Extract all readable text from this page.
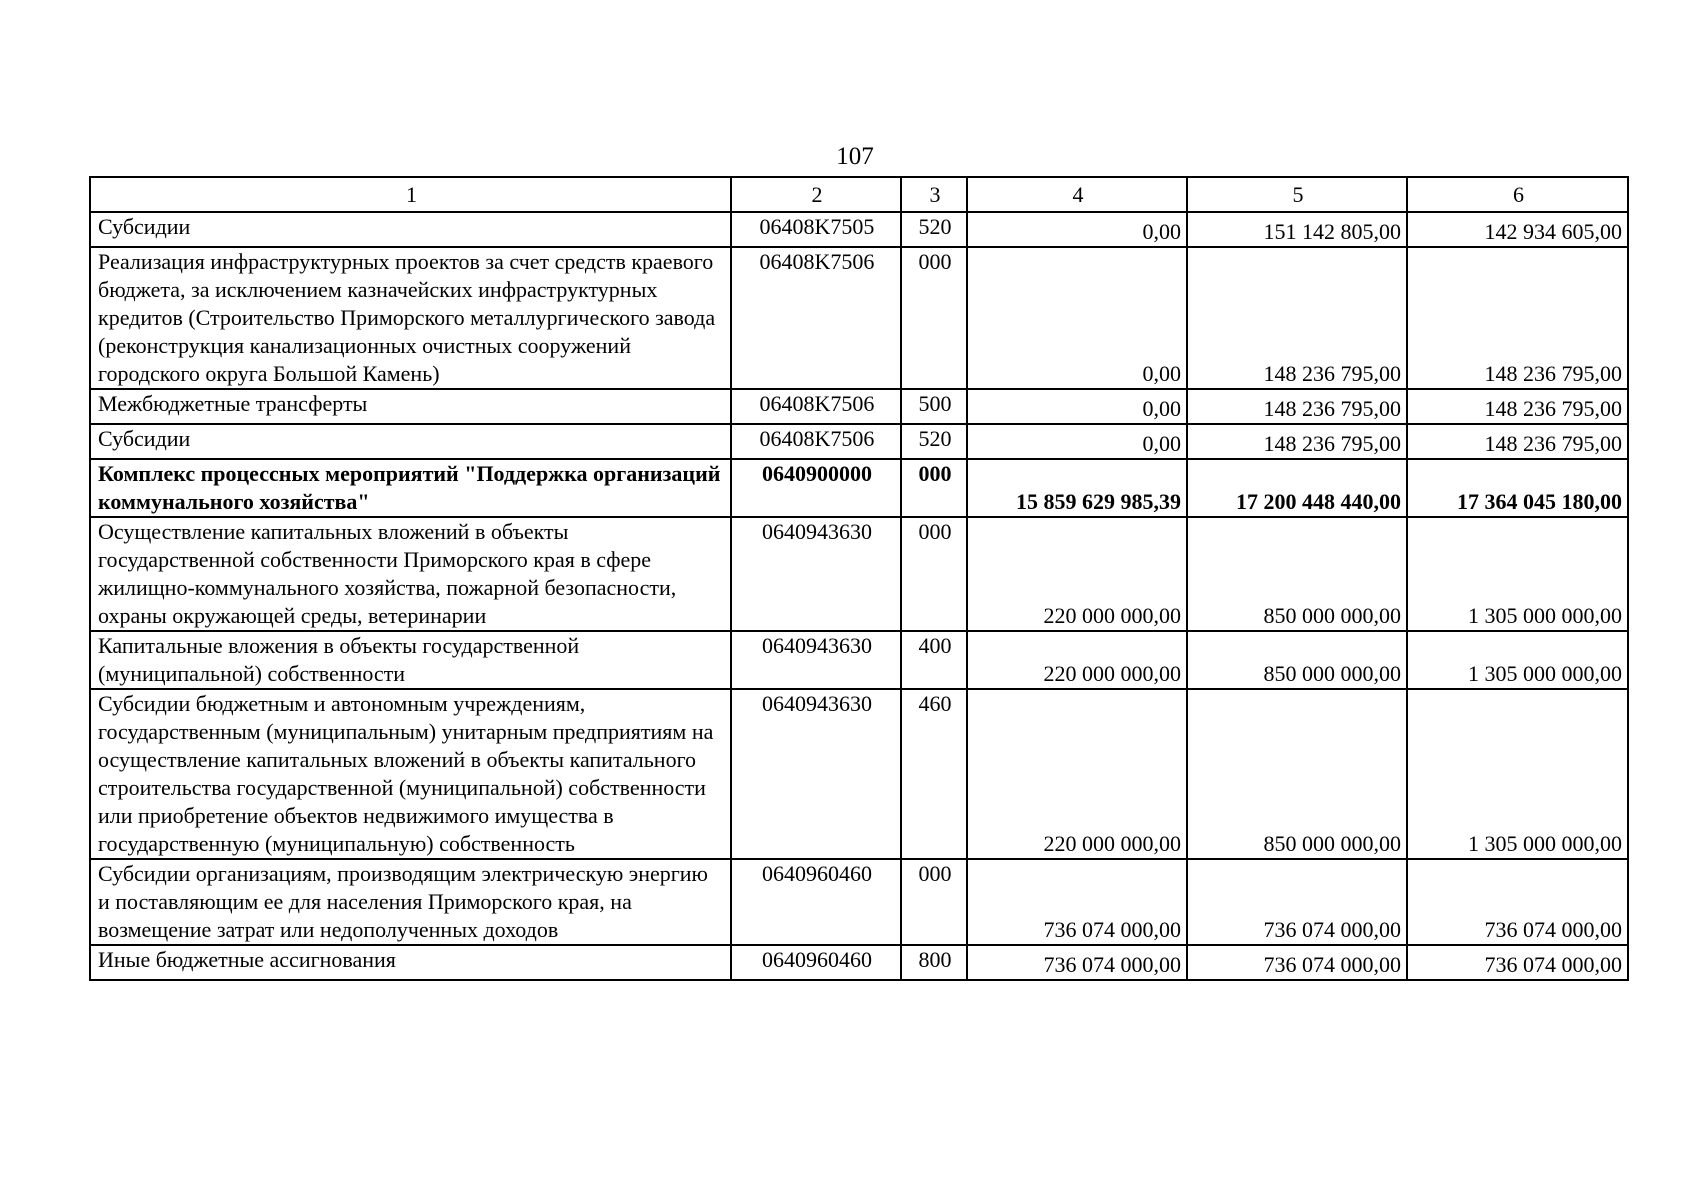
107
1	2	3	4	5	6
Субсидии	06408K7505	520	0,00	151 142 805,00	142 934 605,00
Реализация инфраструктурных проектов за счет средств краевого бюджета, за исключением казначейских инфраструктурных кредитов (Строительство Приморского металлургического завода (реконструкция канализационных очистных сооружений городского округа Большой Камень)	06408K7506	000	0,00	148 236 795,00	148 236 795,00
Межбюджетные трансферты	06408K7506	500	0,00	148 236 795,00	148 236 795,00
Субсидии	06408K7506	520	0,00	148 236 795,00	148 236 795,00
Комплекс процессных мероприятий "Поддержка организаций коммунального хозяйства"	0640900000	000	15 859 629 985,39	17 200 448 440,00	17 364 045 180,00
Осуществление капитальных вложений в объекты государственной собственности Приморского края в сфере жилищно-коммунального хозяйства, пожарной безопасности, охраны окружающей среды, ветеринарии	0640943630	000	220 000 000,00	850 000 000,00	1 305 000 000,00
Капитальные вложения в объекты государственной (муниципальной) собственности	0640943630	400	220 000 000,00	850 000 000,00	1 305 000 000,00
Субсидии бюджетным и автономным учреждениям, государственным (муниципальным) унитарным предприятиям на осуществление капитальных вложений в объекты капитального строительства государственной (муниципальной) собственности или приобретение объектов недвижимого имущества в государственную (муниципальную) собственность	0640943630	460	220 000 000,00	850 000 000,00	1 305 000 000,00
Субсидии организациям, производящим электрическую энергию и поставляющим ее для населения Приморского края, на возмещение затрат или недополученных доходов	0640960460	000	736 074 000,00	736 074 000,00	736 074 000,00
Иные бюджетные ассигнования	0640960460	800	736 074 000,00	736 074 000,00	736 074 000,00
